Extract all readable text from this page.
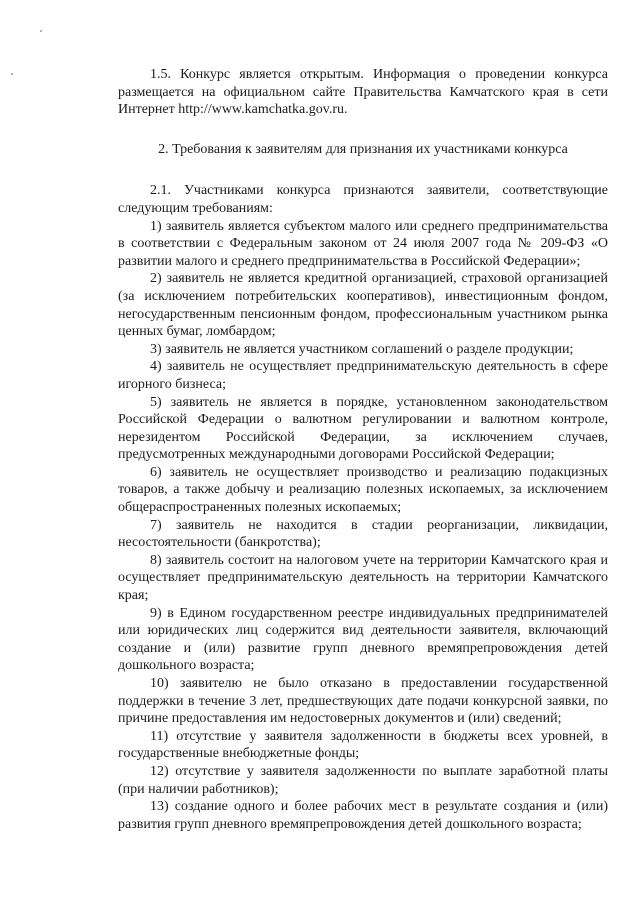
1.5. Конкурс является открытым. Информация о проведении конкурса размещается на официальном сайте Правительства Камчатского края в сети Интернет http://www.kamchatka.gov.ru.

2. Требования к заявителям для признания их участниками конкурса

2.1. Участниками конкурса признаются заявители, соответствующие следующим требованиям:

1) заявитель является субъектом малого или среднего предпринимательства в соответствии с Федеральным законом от 24 июля 2007 года № 209-ФЗ «О развитии малого и среднего предпринимательства в Российской Федерации»;

2) заявитель не является кредитной организацией, страховой организацией (за исключением потребительских кооперативов), инвестиционным фондом, негосударственным пенсионным фондом, профессиональным участником рынка ценных бумаг, ломбардом;

3) заявитель не является участником соглашений о разделе продукции;

4) заявитель не осуществляет предпринимательскую деятельность в сфере игорного бизнеса;

5) заявитель не является в порядке, установленном законодательством Российской Федерации о валютном регулировании и валютном контроле, нерезидентом Российской Федерации, за исключением случаев, предусмотренных международными договорами Российской Федерации;

6) заявитель не осуществляет производство и реализацию подакцизных товаров, а также добычу и реализацию полезных ископаемых, за исключением общераспространенных полезных ископаемых;

7) заявитель не находится в стадии реорганизации, ликвидации, несостоятельности (банкротства);

8) заявитель состоит на налоговом учете на территории Камчатского края и осуществляет предпринимательскую деятельность на территории Камчатского края;

9) в Едином государственном реестре индивидуальных предпринимателей или юридических лиц содержится вид деятельности заявителя, включающий создание и (или) развитие групп дневного времяпрепровождения детей дошкольного возраста;

10) заявителю не было отказано в предоставлении государственной поддержки в течение 3 лет, предшествующих дате подачи конкурсной заявки, по причине предоставления им недостоверных документов и (или) сведений;

11) отсутствие у заявителя задолженности в бюджеты всех уровней, в государственные внебюджетные фонды;

12) отсутствие у заявителя задолженности по выплате заработной платы (при наличии работников);

13) создание одного и более рабочих мест в результате создания и (или) развития групп дневного времяпрепровождения детей дошкольного возраста;
